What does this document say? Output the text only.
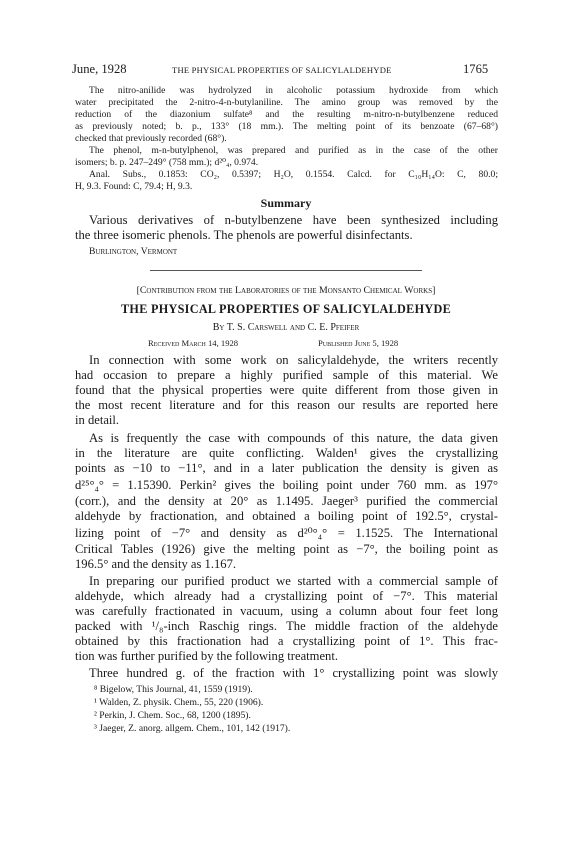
June, 1928	THE PHYSICAL PROPERTIES OF SALICYLALDEHYDE	1765
The nitro-anilide was hydrolyzed in alcoholic potassium hydroxide from which
water precipitated the 2-nitro-4-n-butylaniline. The amino group was removed by the
reduction of the diazonium sulfate⁸ and the resulting m-nitro-n-butylbenzene reduced
as previously noted; b. p., 133° (18 mm.). The melting point of its benzoate (67–68°)
checked that previously recorded (68°).
The phenol, m-n-butylphenol, was prepared and purified as in the case of the other
isomers; b. p. 247–249° (758 mm.); d²⁰₄, 0.974.
Anal. Subs., 0.1853: CO₂, 0.5397; H₂O, 0.1554. Calcd. for C₁₀H₁₄O: C, 80.0;
H, 9.3. Found: C, 79.4; H, 9.3.
Summary
Various derivatives of n-butylbenzene have been synthesized including
the three isomeric phenols. The phenols are powerful disinfectants.
Burlington, Vermont
[Contribution from the Laboratories of the Monsanto Chemical Works]
THE PHYSICAL PROPERTIES OF SALICYLALDEHYDE
By T. S. Carswell and C. E. Pfeifer
Received March 14, 1928	Published June 5, 1928
In connection with some work on salicylaldehyde, the writers recently
had occasion to prepare a highly purified sample of this material. We
found that the physical properties were quite different from those given in
the most recent literature and for this reason our results are reported here
in detail.
As is frequently the case with compounds of this nature, the data given
in the literature are quite conflicting. Walden¹ gives the crystallizing
points as −10 to −11°, and in a later publication the density is given as
d²⁵°₄° = 1.15390. Perkin² gives the boiling point under 760 mm. as 197°
(corr.), and the density at 20° as 1.1495. Jaeger³ purified the commercial
aldehyde by fractionation, and obtained a boiling point of 192.5°, crystal-
lizing point of −7° and density as d²⁰°₄° = 1.1525. The International
Critical Tables (1926) give the melting point as −7°, the boiling point as
196.5° and the density as 1.167.
In preparing our purified product we started with a commercial sample of
aldehyde, which already had a crystallizing point of −7°. This material
was carefully fractionated in vacuum, using a column about four feet long
packed with ¹/₈-inch Raschig rings. The middle fraction of the aldehyde
obtained by this fractionation had a crystallizing point of 1°. This frac-
tion was further purified by the following treatment.
Three hundred g. of the fraction with 1° crystallizing point was slowly
⁸ Bigelow, This Journal, 41, 1559 (1919).
¹ Walden, Z. physik. Chem., 55, 220 (1906).
² Perkin, J. Chem. Soc., 68, 1200 (1895).
³ Jaeger, Z. anorg. allgem. Chem., 101, 142 (1917).
